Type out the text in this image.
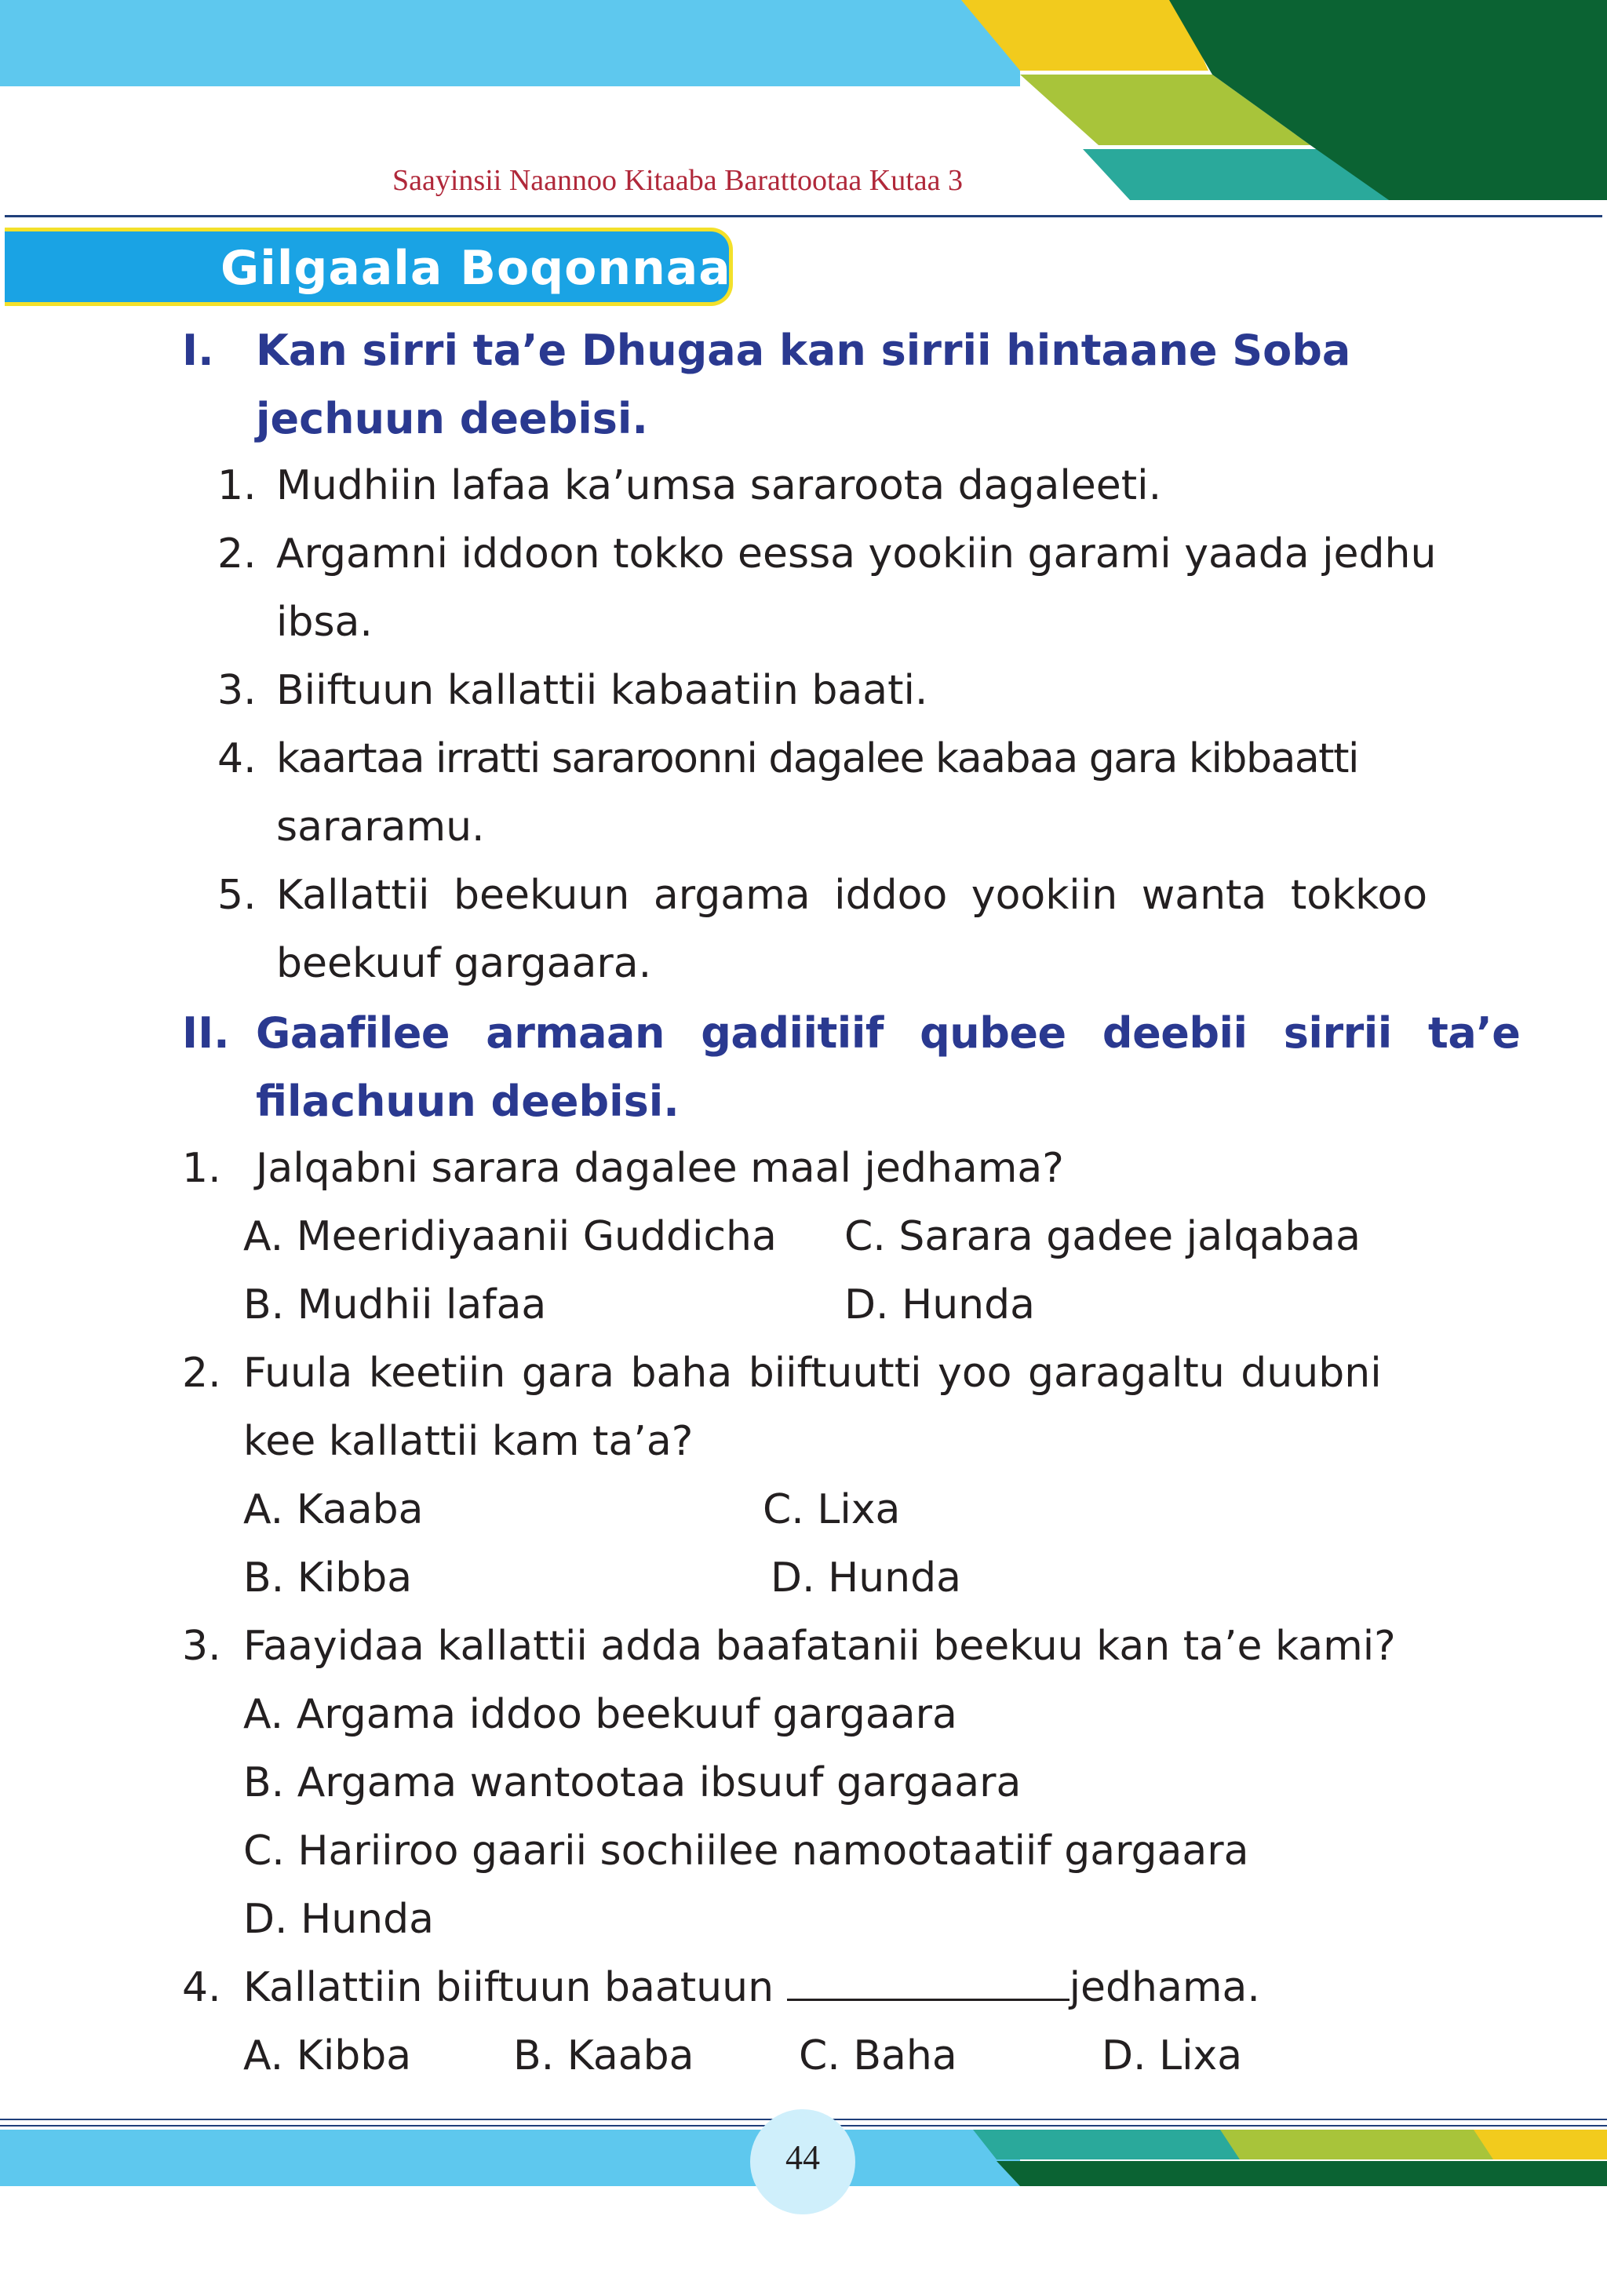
Saayinsii Naannoo Kitaaba Barattootaa Kutaa 3
Gilgaala Boqonnaa 2
I. Kan sirri ta’e Dhugaa kan sirrii hintaane Soba
jechuun deebisi.
1. Mudhiin lafaa ka’umsa sararoota dagaleeti.
2. Argamni iddoon tokko eessa yookiin garami yaada jedhu
ibsa.
3. Biiftuun kallattii kabaatiin baati.
4. kaartaa irratti sararoonni dagalee kaabaa gara kibbaatti
sararamu.
5. Kallattii beekuun argama iddoo yookiin wanta tokkoo
beekuuf gargaara.
II. Gaafilee armaan gadiitiif qubee deebii sirrii ta’e
filachuun deebisi.
1. Jalqabni sarara dagalee maal jedhama?
A. Meeridiyaanii Guddicha C. Sarara gadee jalqabaa
B. Mudhii lafaa	D. Hunda
2. Fuula keetiin gara baha biiftuutti yoo garagaltu duubni
kee kallattii kam ta’a?
A. Kaaba	C. Lixa
B. Kibba	D. Hunda
3. Faayidaa kallattii adda baafatanii beekuu kan ta’e kami?
A. Argama iddoo beekuuf gargaara
B. Argama wantootaa ibsuuf gargaara
C. Hariiroo gaarii sochiilee namootaatiif gargaara
D. Hunda
4. Kallattiin biiftuun baatuun	jedhama.
A. Kibba B. Kaaba	C. Baha	D. Lixa
44
